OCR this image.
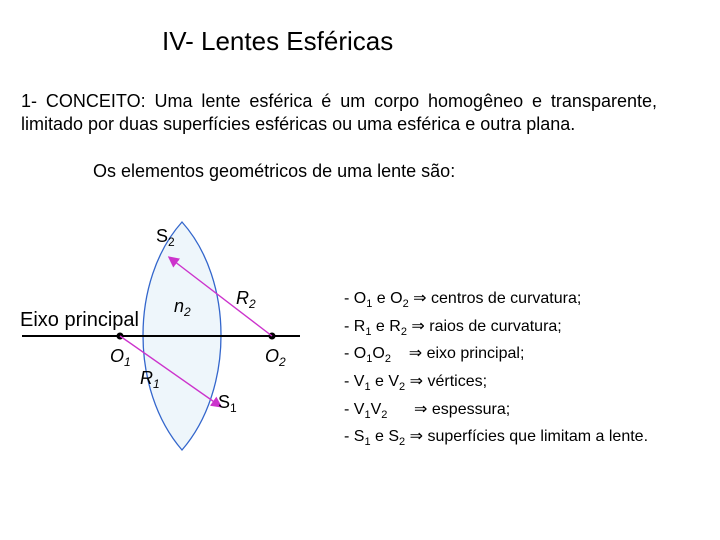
IV- Lentes Esféricas
1- CONCEITO: Uma lente esférica é um corpo homogêneo e transparente, limitado por duas superfícies esféricas ou uma esférica e outra plana.
Os elementos geométricos de uma lente são:
$S_2$
$n_2$
$R_2$
$O_1$	$O_2$
$R_1$
$S_1$
Eixo principal
- $O_1$ e $O_2$ ⇒ centros de curvatura;
- $R_1$ e $R_2$ ⇒ raios de curvatura;
- $O_1O_2$    ⇒ eixo principal;
- $V_1$ e $V_2$ ⇒ vértices;
- $V_1V_2$      ⇒ espessura;
- $S_1$ e $S_2$ ⇒ superfícies que limitam a lente.
